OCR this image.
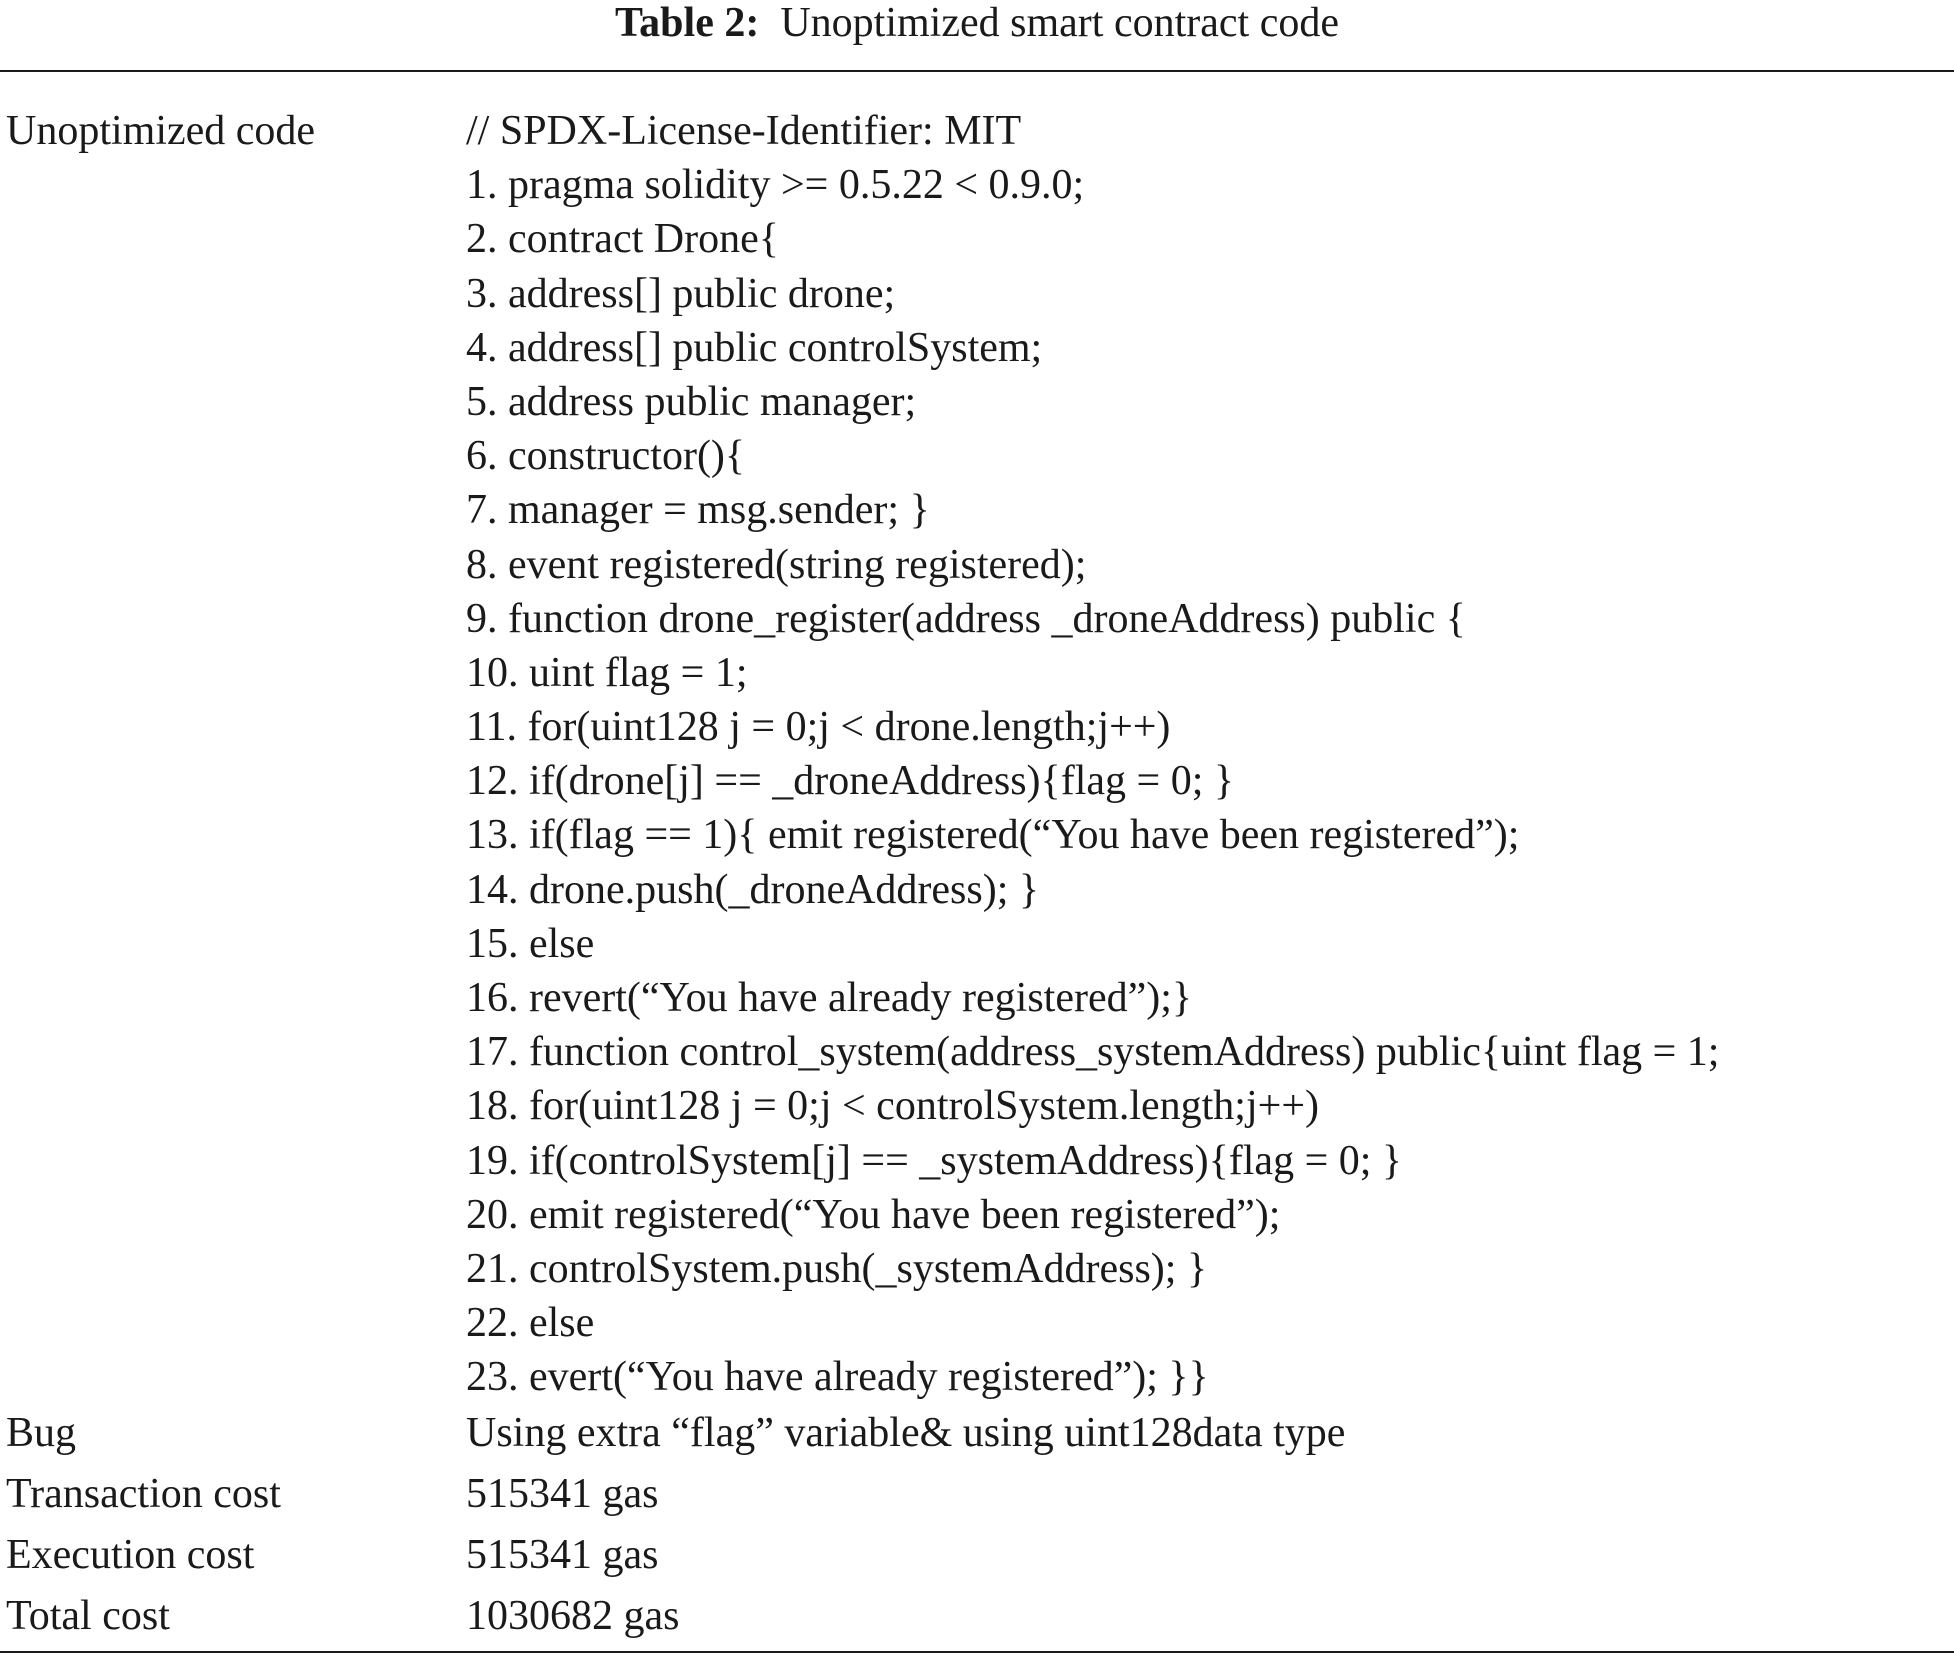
Table 2: Unoptimized smart contract code
Unoptimized code	// SPDX-License-Identifier: MIT
1. pragma solidity >= 0.5.22 < 0.9.0;
2. contract Drone{
3. address[] public drone;
4. address[] public controlSystem;
5. address public manager;
6. constructor(){
7. manager = msg.sender; }
8. event registered(string registered);
9. function drone_register(address _droneAddress) public {
10. uint flag = 1;
11. for(uint128 j = 0;j < drone.length;j++)
12. if(drone[j] == _droneAddress){flag = 0; }
13. if(flag == 1){ emit registered(“You have been registered”);
14. drone.push(_droneAddress); }
15. else
16. revert(“You have already registered”);}
17. function control_system(address_systemAddress) public{uint flag = 1;
18. for(uint128 j = 0;j < controlSystem.length;j++)
19. if(controlSystem[j] == _systemAddress){flag = 0; }
20. emit registered(“You have been registered”);
21. controlSystem.push(_systemAddress); }
22. else
23. evert(“You have already registered”); }}
Bug	Using extra “flag” variable& using uint128data type
Transaction cost	515341 gas
Execution cost	515341 gas
Total cost	1030682 gas
